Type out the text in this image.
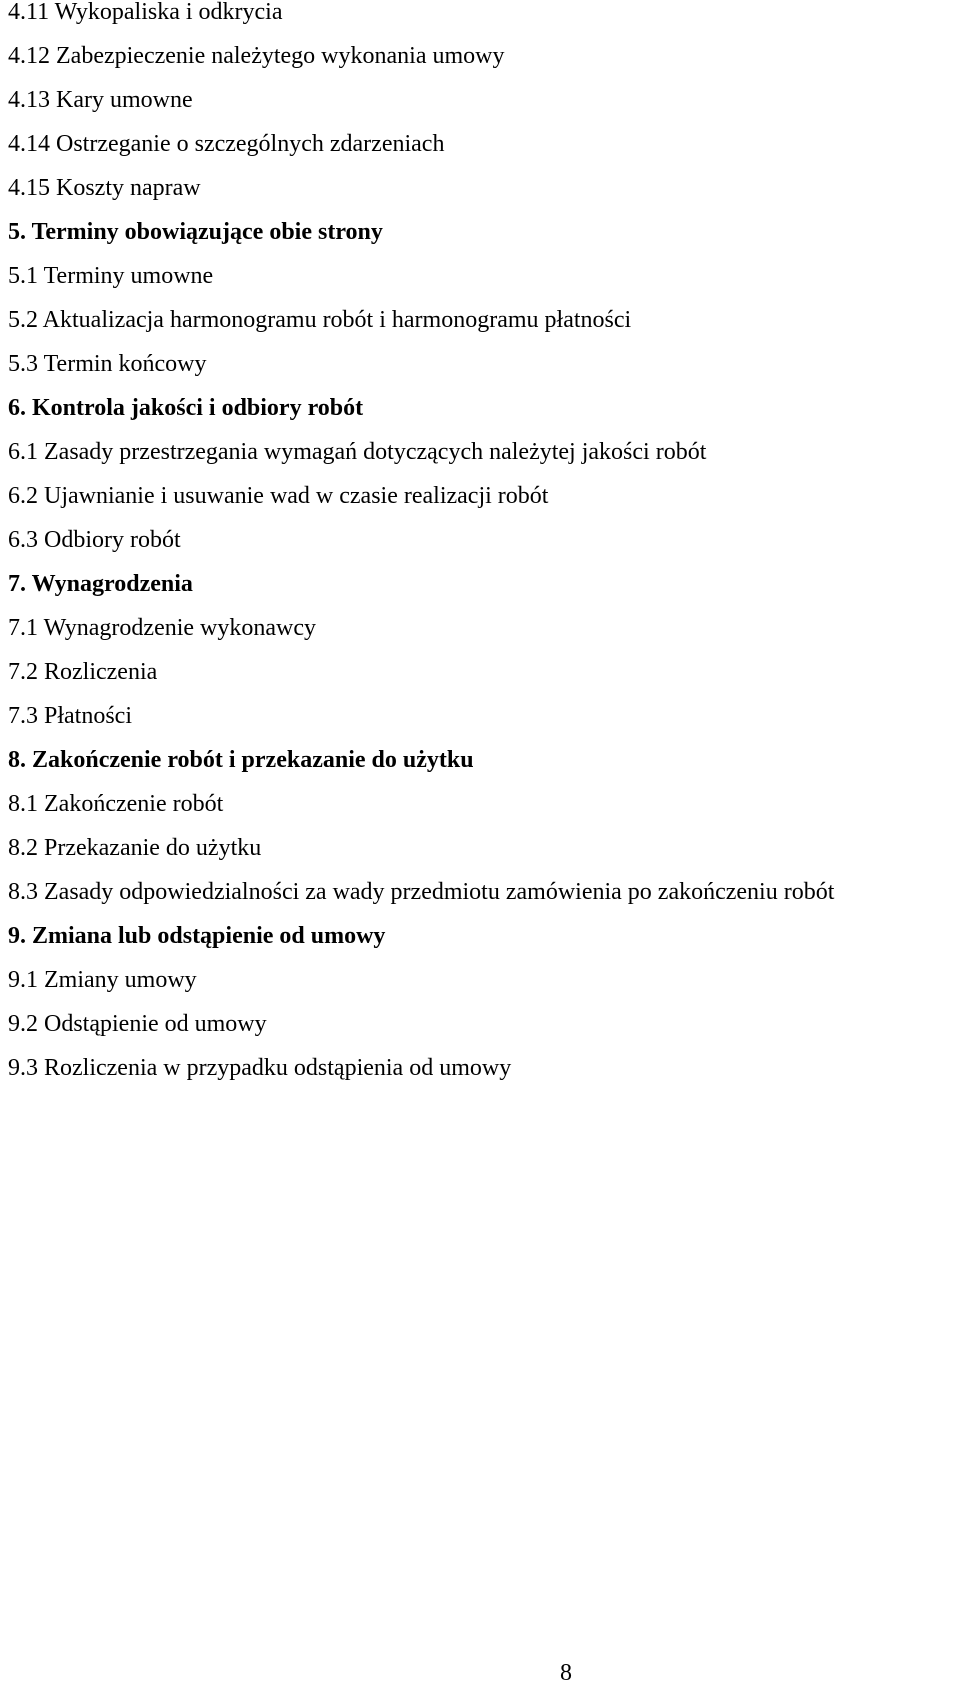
4.11 Wykopaliska i odkrycia
4.12 Zabezpieczenie należytego wykonania umowy
4.13 Kary umowne
4.14 Ostrzeganie o szczególnych zdarzeniach
4.15 Koszty napraw
5. Terminy obowiązujące obie strony
5.1 Terminy umowne
5.2 Aktualizacja harmonogramu robót i harmonogramu płatności
5.3 Termin końcowy
6. Kontrola jakości i odbiory robót
6.1 Zasady przestrzegania wymagań dotyczących należytej jakości robót
6.2 Ujawnianie i usuwanie wad w czasie realizacji robót
6.3 Odbiory robót
7. Wynagrodzenia
7.1 Wynagrodzenie wykonawcy
7.2 Rozliczenia
7.3 Płatności
8. Zakończenie robót i przekazanie do użytku
8.1 Zakończenie robót
8.2 Przekazanie do użytku
8.3 Zasady odpowiedzialności za wady przedmiotu zamówienia po zakończeniu robót
9. Zmiana lub odstąpienie od umowy
9.1 Zmiany umowy
9.2 Odstąpienie od umowy
9.3 Rozliczenia w przypadku odstąpienia od umowy
8
